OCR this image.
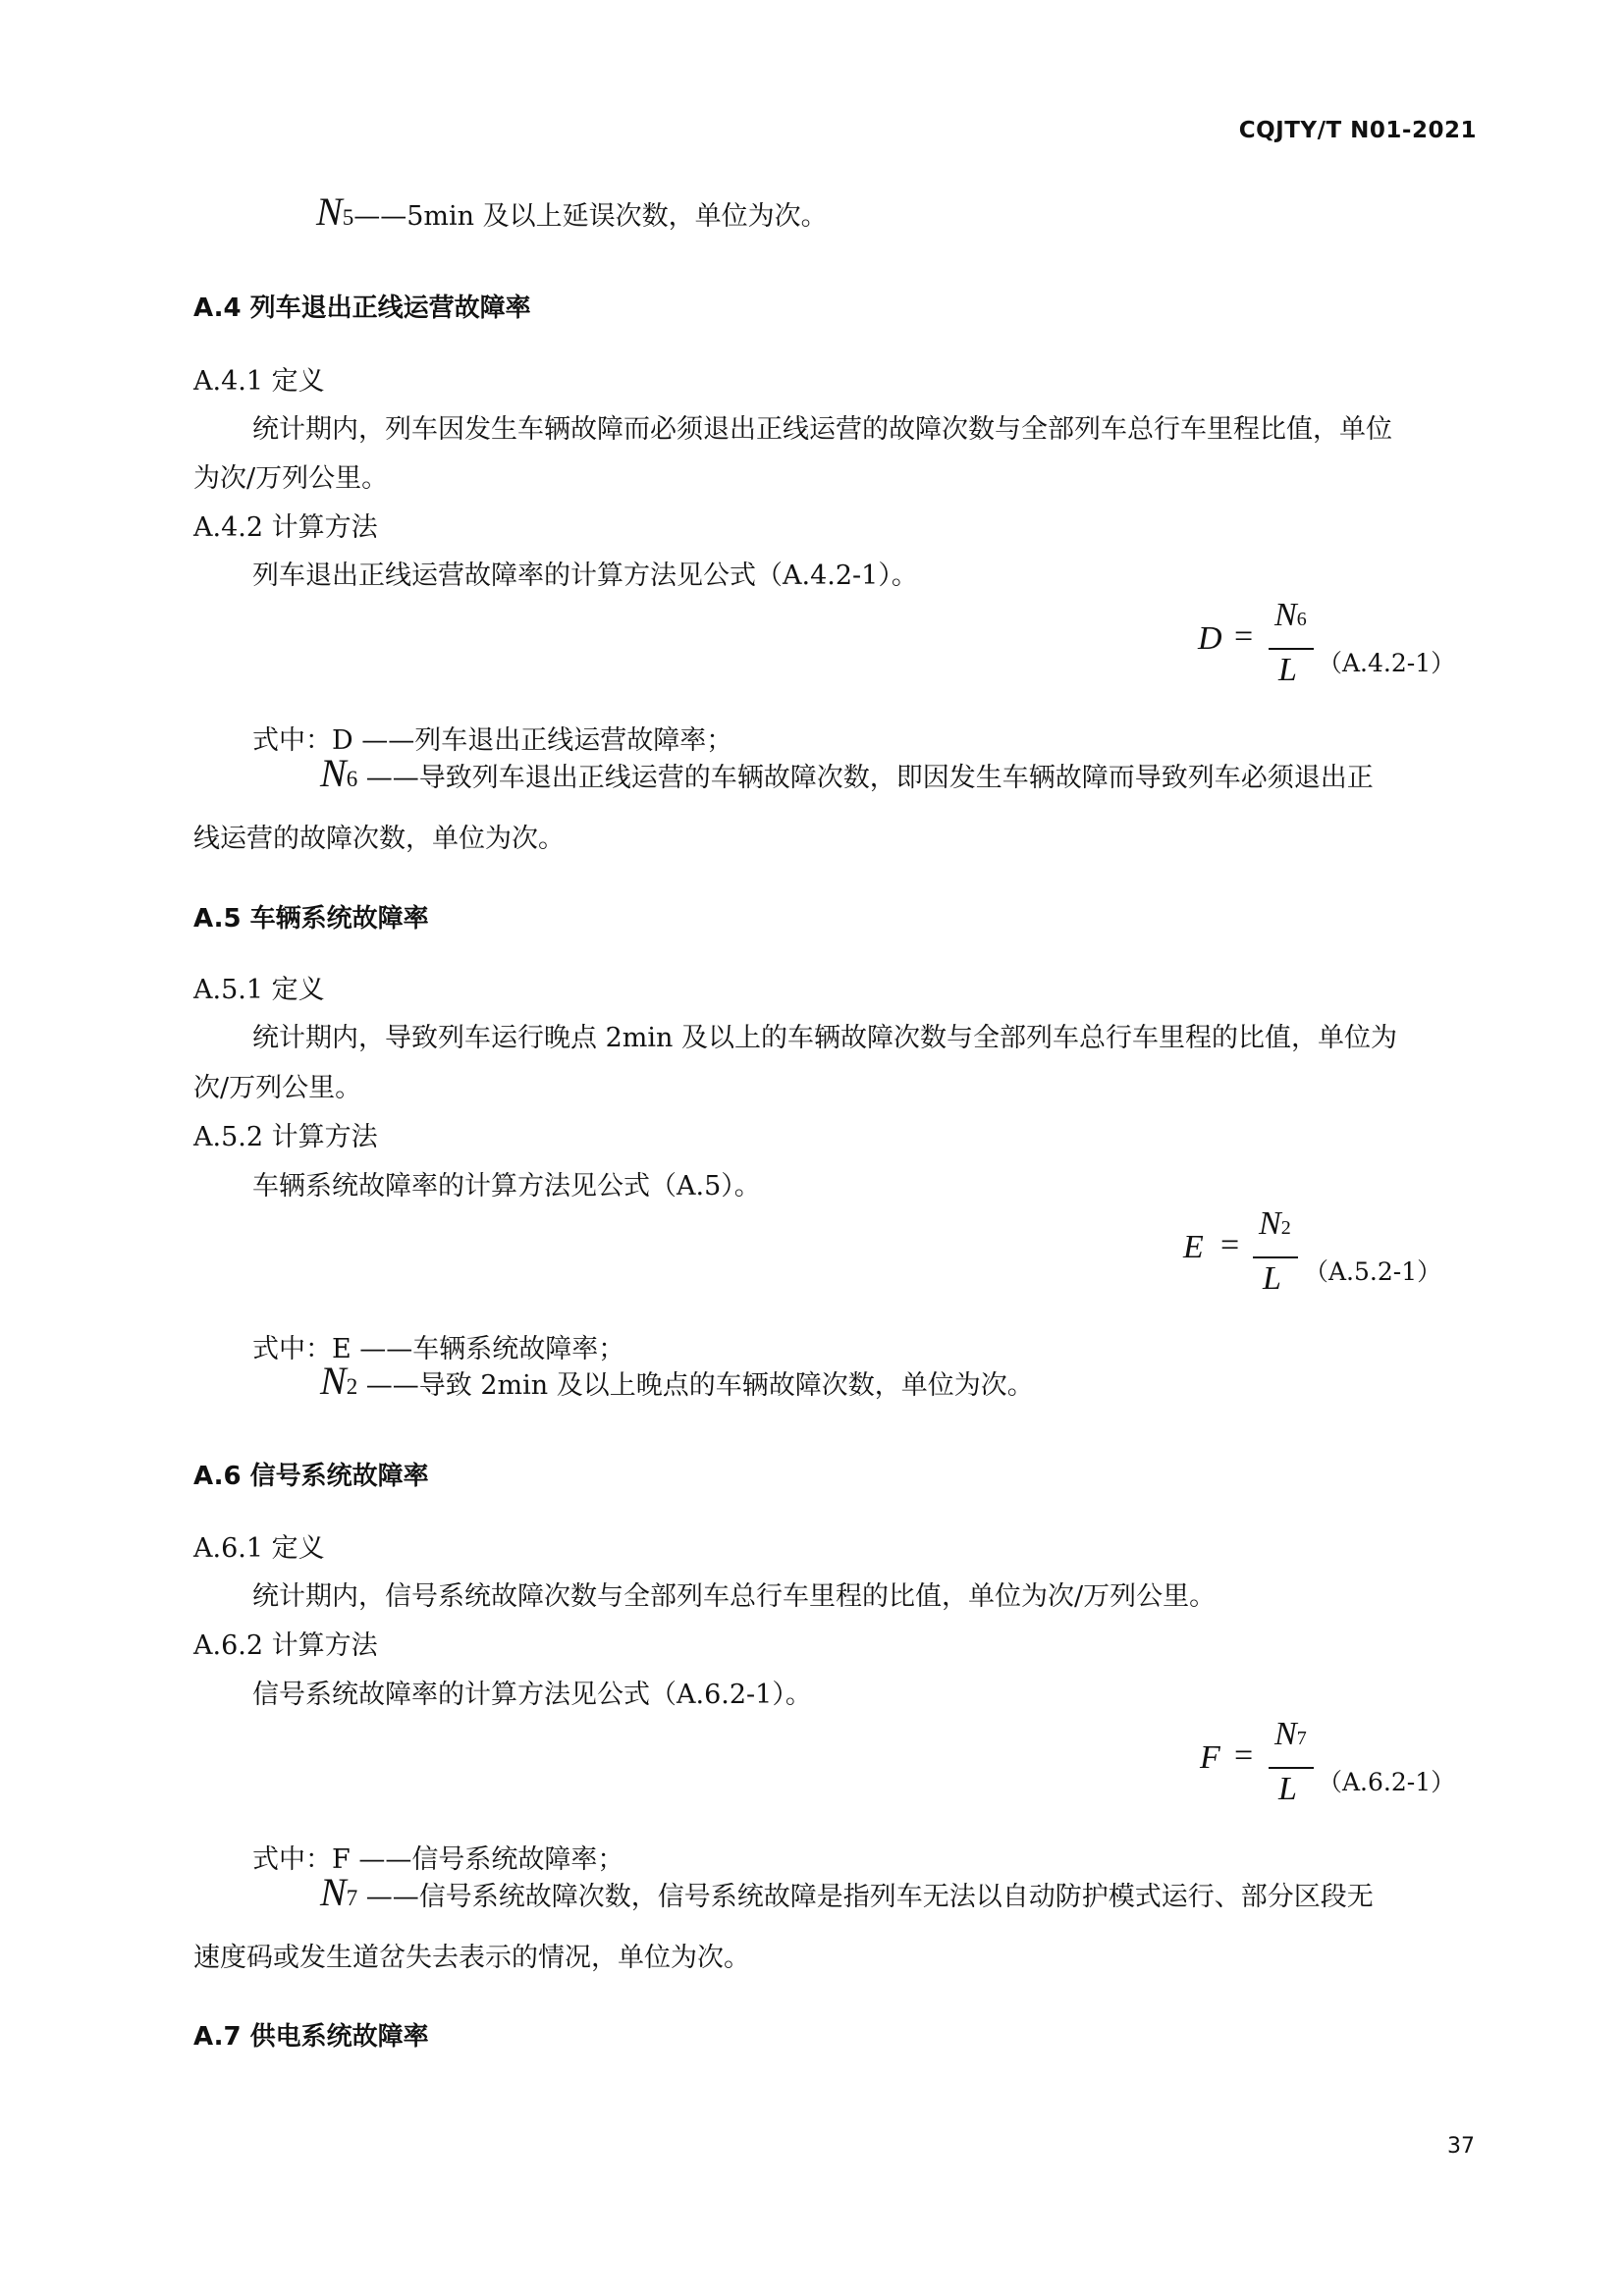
CQJTY/T N01-2021
N5——5min 及以上延误次数，单位为次。
A.4 列车退出正线运营故障率
A.4.1 定义
统计期内，列车因发生车辆故障而必须退出正线运营的故障次数与全部列车总行车里程比值，单位
为次/万列公里。
A.4.2 计算方法
列车退出正线运营故障率的计算方法见公式（A.4.2-1）。
D =
N6
L （A.4.2-1）
式中：D ——列车退出正线运营故障率；
N6 ——导致列车退出正线运营的车辆故障次数，即因发生车辆故障而导致列车必须退出正
线运营的故障次数，单位为次。
A.5 车辆系统故障率
A.5.1 定义
统计期内，导致列车运行晚点 2min 及以上的车辆故障次数与全部列车总行车里程的比值，单位为
次/万列公里。
A.5.2 计算方法
车辆系统故障率的计算方法见公式（A.5）。
E =
N2
L （A.5.2-1）
式中：E ——车辆系统故障率；
N2 ——导致 2min 及以上晚点的车辆故障次数，单位为次。
A.6 信号系统故障率
A.6.1 定义
统计期内，信号系统故障次数与全部列车总行车里程的比值，单位为次/万列公里。
A.6.2 计算方法
信号系统故障率的计算方法见公式（A.6.2-1）。
F =
N7
L （A.6.2-1）
式中：F ——信号系统故障率；
N7 ——信号系统故障次数，信号系统故障是指列车无法以自动防护模式运行、部分区段无
速度码或发生道岔失去表示的情况，单位为次。
A.7 供电系统故障率
37
